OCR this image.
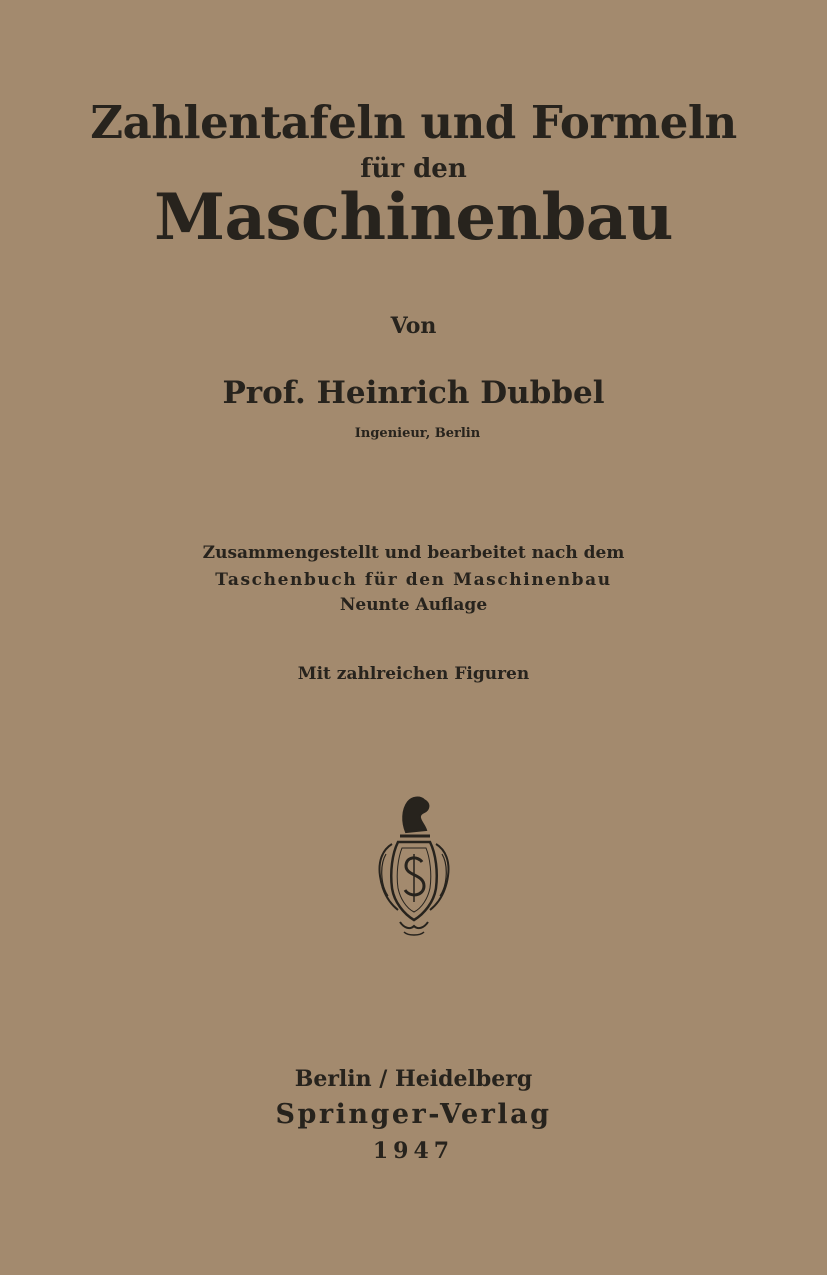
Zahlentafeln und Formeln

für den

Maschinenbau

Von

Prof. Heinrich Dubbel

Ingenieur, Berlin

Zusammengestellt und bearbeitet nach dem

Taschenbuch für den Maschinenbau

Neunte Auflage

Mit zahlreichen Figuren

Berlin / Heidelberg

Springer-Verlag

1947
